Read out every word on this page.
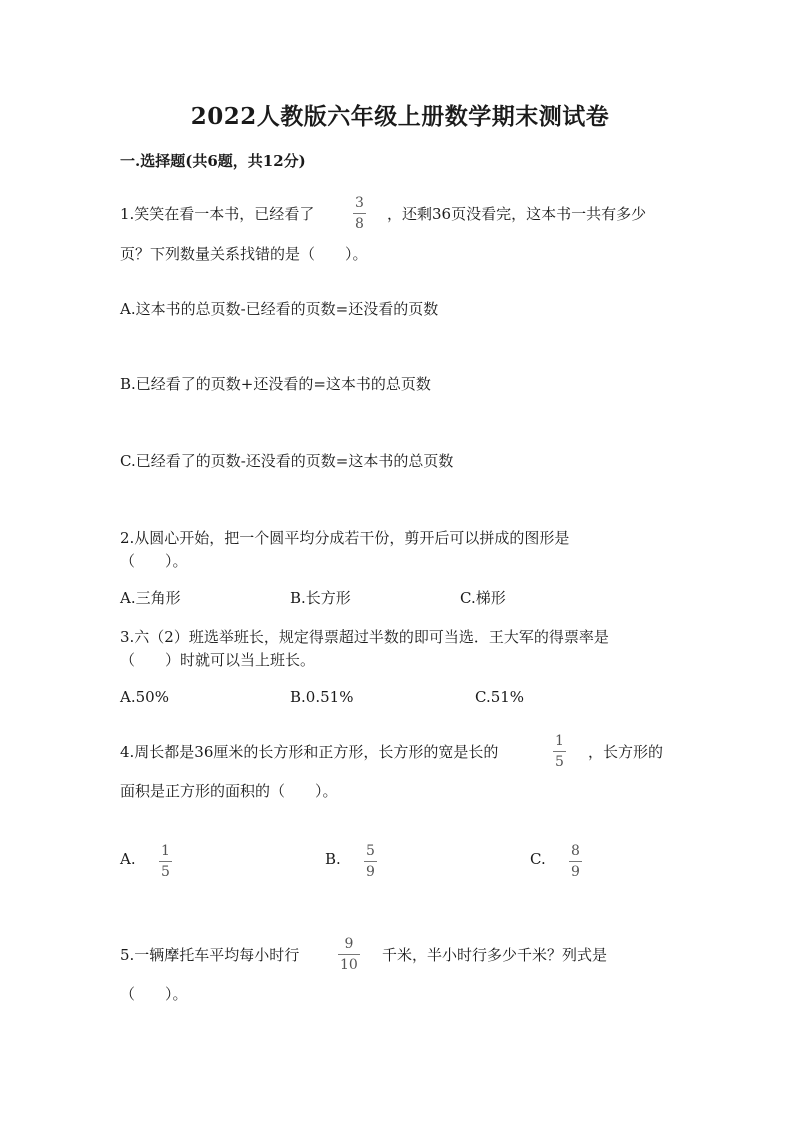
2022人教版六年级上册数学期末测试卷
一.选择题(共6题，共12分)
1.笑笑在看一本书，已经看了
3
8
，还剩36页没看完，这本书一共有多少
页？下列数量关系找错的是（　　）。
A.这本书的总页数-已经看的页数=还没看的页数
B.已经看了的页数+还没看的=这本书的总页数
C.已经看了的页数-还没看的页数=这本书的总页数
2.从圆心开始，把一个圆平均分成若干份，剪开后可以拼成的图形是
（　　）。
A.三角形	B.长方形	C.梯形
3.六（2）班选举班长，规定得票超过半数的即可当选．王大军的得票率是
（　　）时就可以当上班长。
A.50%	B.0.51%	C.51%
4.周长都是36厘米的长方形和正方形，长方形的宽是长的
1
5
，长方形的
面积是正方形的面积的（　　）。
A. 1
5
B. 5
9
C. 8
9
5.一辆摩托车平均每小时行
9
10
千米，半小时行多少千米？列式是
（　　）。
